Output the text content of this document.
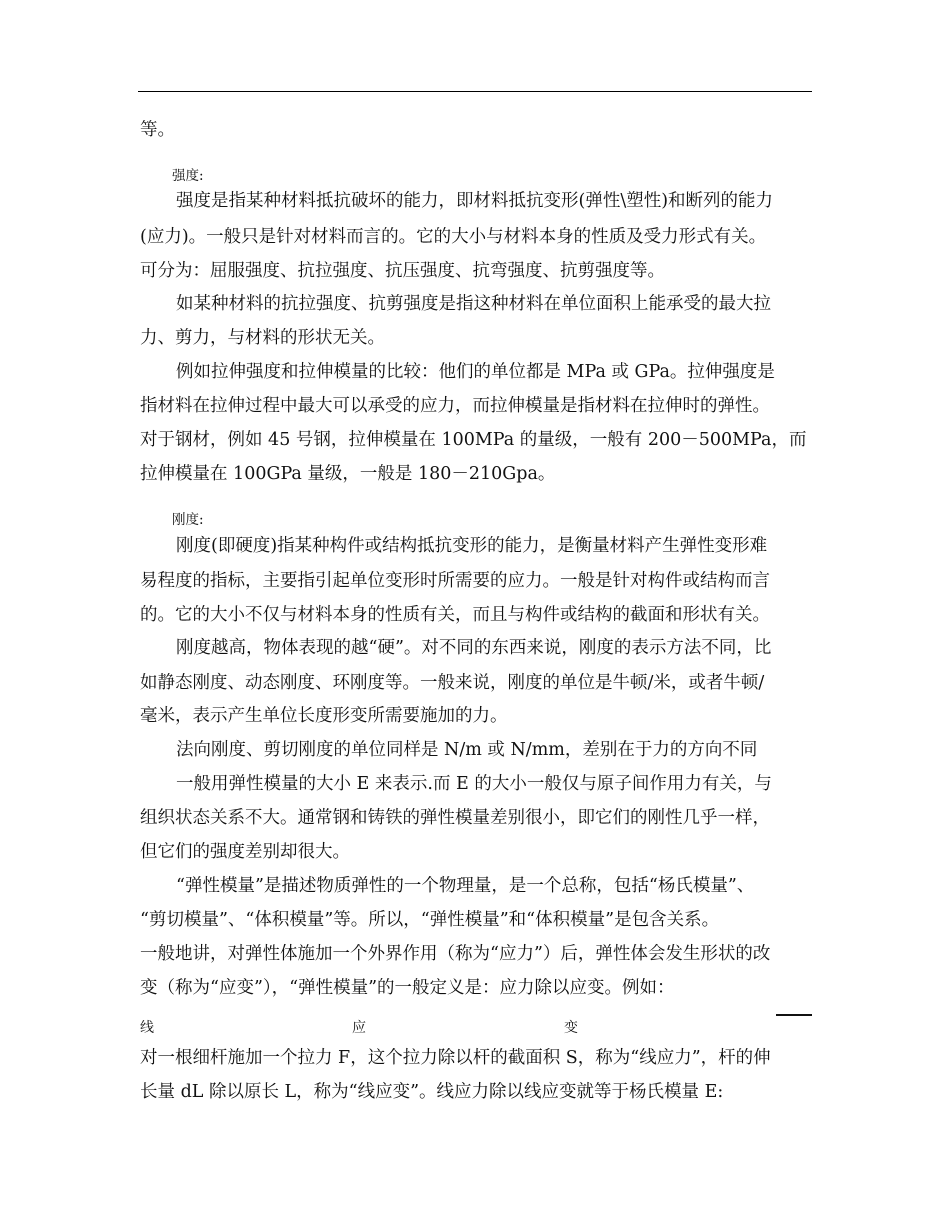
等。

强度:

强度是指某种材料抵抗破坏的能力，即材料抵抗变形(弹性\塑性)和断列的能力

(应力)。一般只是针对材料而言的。它的大小与材料本身的性质及受力形式有关。

可分为：屈服强度、抗拉强度、抗压强度、抗弯强度、抗剪强度等。

如某种材料的抗拉强度、抗剪强度是指这种材料在单位面积上能承受的最大拉

力、剪力，与材料的形状无关。

例如拉伸强度和拉伸模量的比较：他们的单位都是 MPa 或 GPa。拉伸强度是

指材料在拉伸过程中最大可以承受的应力，而拉伸模量是指材料在拉伸时的弹性。

对于钢材，例如 45 号钢，拉伸模量在 100MPa 的量级，一般有 200－500MPa，而

拉伸模量在 100GPa 量级，一般是 180－210Gpa。

刚度:

刚度(即硬度)指某种构件或结构抵抗变形的能力，是衡量材料产生弹性变形难

易程度的指标，主要指引起单位变形时所需要的应力。一般是针对构件或结构而言

的。它的大小不仅与材料本身的性质有关，而且与构件或结构的截面和形状有关。

刚度越高，物体表现的越“硬”。对不同的东西来说，刚度的表示方法不同，比

如静态刚度、动态刚度、环刚度等。一般来说，刚度的单位是牛顿/米，或者牛顿/

毫米，表示产生单位长度形变所需要施加的力。

法向刚度、剪切刚度的单位同样是 N/m 或 N/mm，差别在于力的方向不同

一般用弹性模量的大小 E 来表示.而 E 的大小一般仅与原子间作用力有关，与

组织状态关系不大。通常钢和铸铁的弹性模量差别很小，即它们的刚性几乎一样，

但它们的强度差别却很大。

“弹性模量”是描述物质弹性的一个物理量，是一个总称，包括“杨氏模量”、

“剪切模量”、“体积模量”等。所以，“弹性模量”和“体积模量”是包含关系。

一般地讲，对弹性体施加一个外界作用（称为“应力”）后，弹性体会发生形状的改

变（称为“应变”），“弹性模量”的一般定义是：应力除以应变。例如：

线	应	变

对一根细杆施加一个拉力 F，这个拉力除以杆的截面积 S，称为“线应力”，杆的伸

长量 dL 除以原长 L，称为“线应变”。线应力除以线应变就等于杨氏模量 E:
